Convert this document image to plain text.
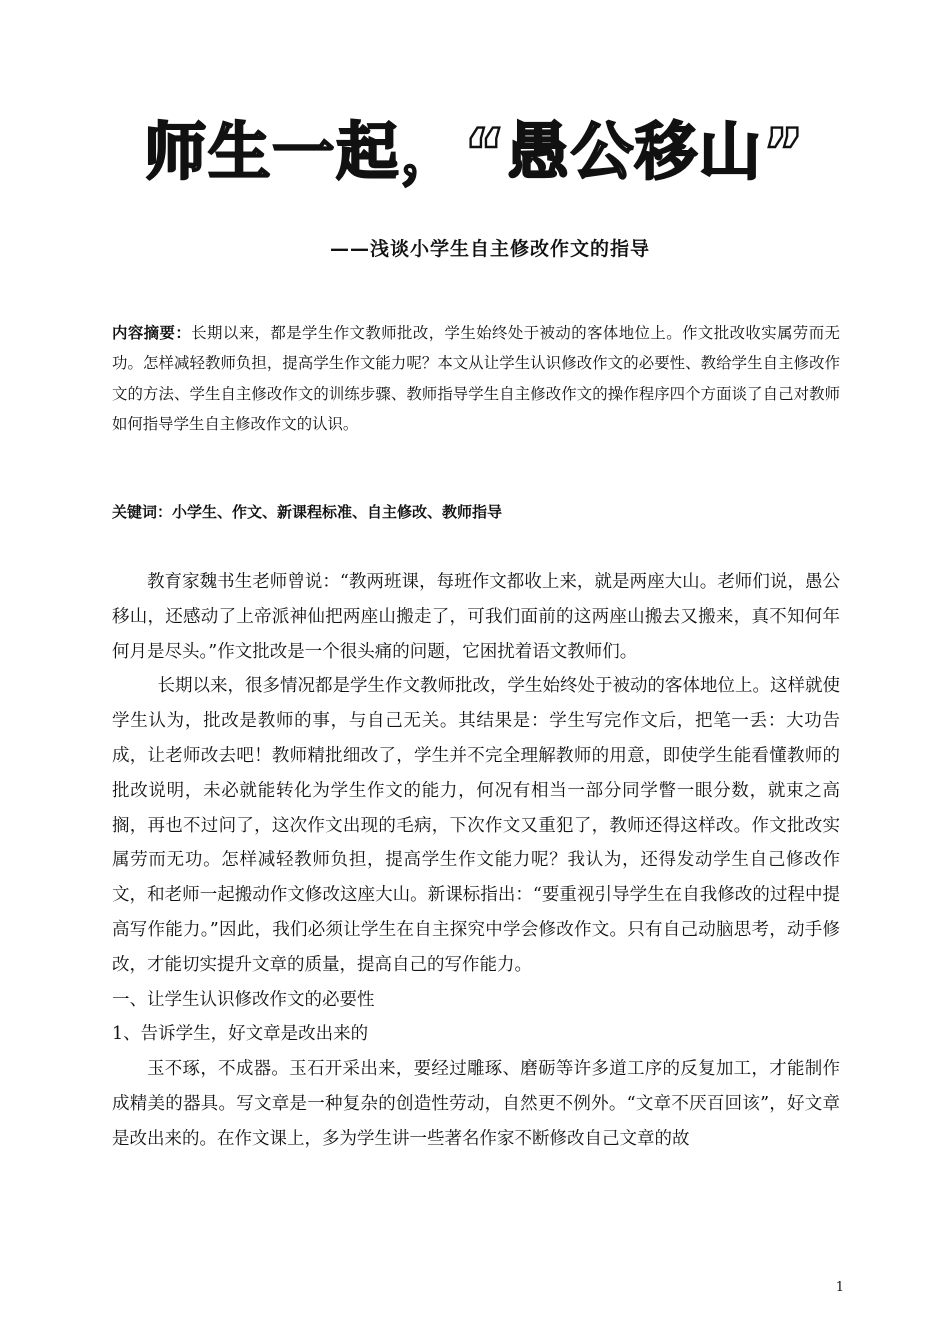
师生一起，“愚公移山”
——浅谈小学生自主修改作文的指导
内容摘要：长期以来，都是学生作文教师批改，学生始终处于被动的客体地位上。作文批改收实属劳而无功。怎样减轻教师负担，提高学生作文能力呢？本文从让学生认识修改作文的必要性、教给学生自主修改作文的方法、学生自主修改作文的训练步骤、教师指导学生自主修改作文的操作程序四个方面谈了自己对教师如何指导学生自主修改作文的认识。
关键词：小学生、作文、新课程标准、自主修改、教师指导

教育家魏书生老师曾说：“教两班课，每班作文都收上来，就是两座大山。老师们说，愚公移山，还感动了上帝派神仙把两座山搬走了，可我们面前的这两座山搬去又搬来，真不知何年何月是尽头。”作文批改是一个很头痛的问题，它困扰着语文教师们。

长期以来，很多情况都是学生作文教师批改，学生始终处于被动的客体地位上。这样就使学生认为，批改是教师的事，与自己无关。其结果是：学生写完作文后，把笔一丢：大功告成，让老师改去吧！教师精批细改了，学生并不完全理解教师的用意，即使学生能看懂教师的批改说明，未必就能转化为学生作文的能力，何况有相当一部分同学瞥一眼分数，就束之高搁，再也不过问了，这次作文出现的毛病，下次作文又重犯了，教师还得这样改。作文批改实属劳而无功。怎样减轻教师负担，提高学生作文能力呢？我认为，还得发动学生自己修改作文，和老师一起搬动作文修改这座大山。新课标指出：“要重视引导学生在自我修改的过程中提高写作能力。”因此，我们必须让学生在自主探究中学会修改作文。只有自己动脑思考，动手修改，才能切实提升文章的质量，提高自己的写作能力。

一、让学生认识修改作文的必要性

1、告诉学生，好文章是改出来的

玉不琢，不成器。玉石开采出来，要经过雕琢、磨砺等许多道工序的反复加工，才能制作成精美的器具。写文章是一种复杂的创造性劳动，自然更不例外。“文章不厌百回该”，好文章是改出来的。在作文课上，多为学生讲一些著名作家不断修改自己文章的故

1
